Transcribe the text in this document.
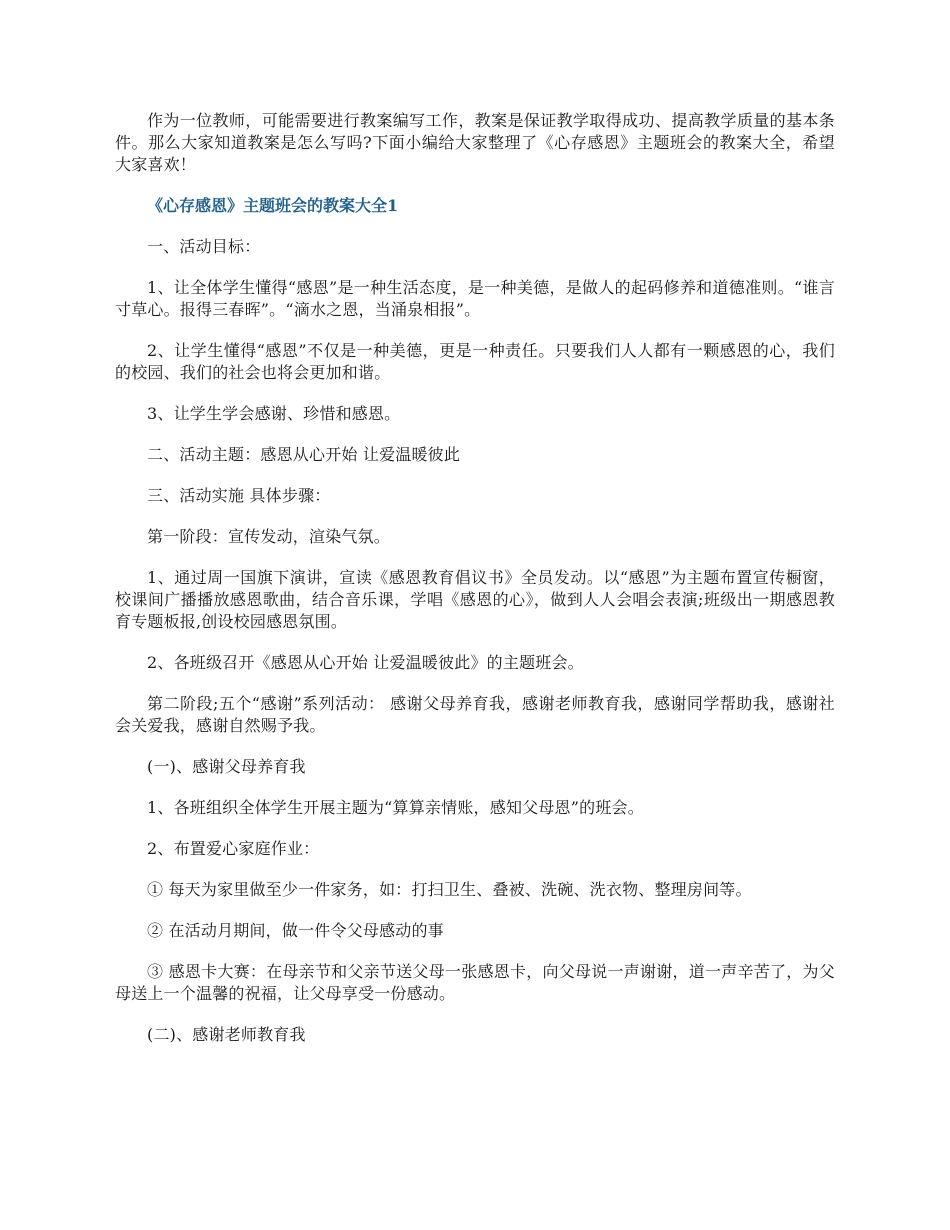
作为一位教师，可能需要进行教案编写工作，教案是保证教学取得成功、提高教学质量的基本条件。那么大家知道教案是怎么写吗?下面小编给大家整理了《心存感恩》主题班会的教案大全，希望大家喜欢！

《心存感恩》主题班会的教案大全1

一、活动目标：

1、让全体学生懂得“感恩”是一种生活态度，是一种美德，是做人的起码修养和道德准则。“谁言寸草心。报得三春晖”。“滴水之恩，当涌泉相报”。

2、让学生懂得“感恩”不仅是一种美德，更是一种责任。只要我们人人都有一颗感恩的心，我们的校园、我们的社会也将会更加和谐。

3、让学生学会感谢、珍惜和感恩。

二、活动主题：感恩从心开始 让爱温暖彼此

三、活动实施 具体步骤：

第一阶段：宣传发动，渲染气氛。

1、通过周一国旗下演讲，宣读《感恩教育倡议书》全员发动。以“感恩”为主题布置宣传橱窗，校课间广播播放感恩歌曲，结合音乐课，学唱《感恩的心》，做到人人会唱会表演;班级出一期感恩教育专题板报,创设校园感恩氛围。

2、各班级召开《感恩从心开始 让爱温暖彼此》的主题班会。

第二阶段;五个“感谢”系列活动： 感谢父母养育我，感谢老师教育我，感谢同学帮助我，感谢社会关爱我，感谢自然赐予我。

(一)、感谢父母养育我

1、各班组织全体学生开展主题为“算算亲情账，感知父母恩”的班会。

2、布置爱心家庭作业：

① 每天为家里做至少一件家务，如：打扫卫生、叠被、洗碗、洗衣物、整理房间等。

② 在活动月期间，做一件令父母感动的事

③ 感恩卡大赛：在母亲节和父亲节送父母一张感恩卡，向父母说一声谢谢，道一声辛苦了，为父母送上一个温馨的祝福，让父母享受一份感动。

(二)、感谢老师教育我
